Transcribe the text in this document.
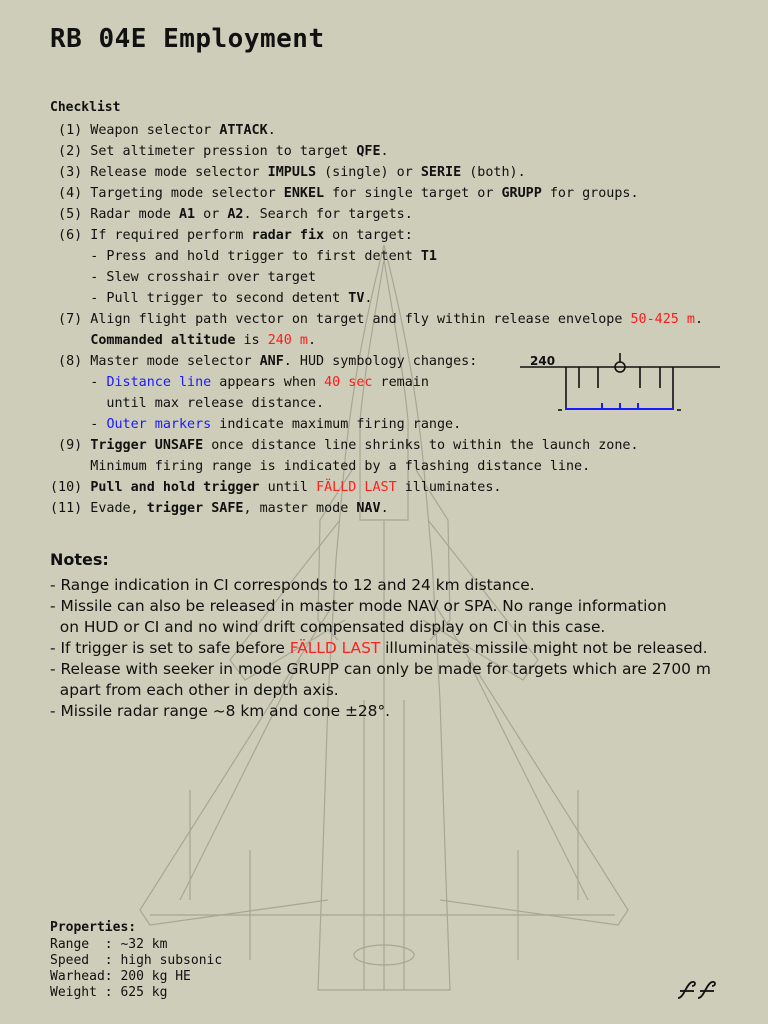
RB 04E Employment
Checklist
(1) Weapon selector ATTACK.
(2) Set altimeter pression to target QFE.
(3) Release mode selector IMPULS (single) or SERIE (both).
(4) Targeting mode selector ENKEL for single target or GRUPP for groups.
(5) Radar mode A1 or A2. Search for targets.
(6) If required perform radar fix on target:
- Press and hold trigger to first detent T1
- Slew crosshair over target
- Pull trigger to second detent TV.
(7) Align flight path vector on target and fly within release envelope 50-425 m.
Commanded altitude is 240 m.
(8) Master mode selector ANF. HUD symbology changes:
- Distance line appears when 40 sec remain
until max release distance.
- Outer markers indicate maximum firing range.
(9) Trigger UNSAFE once distance line shrinks to within the launch zone.
Minimum firing range is indicated by a flashing distance line.
(10) Pull and hold trigger until FÄLLD LAST illuminates.
(11) Evade, trigger SAFE, master mode NAV.
240
Notes:
- Range indication in CI corresponds to 12 and 24 km distance.
- Missile can also be released in master mode NAV or SPA. No range information
on HUD or CI and no wind drift compensated display on CI in this case.
- If trigger is set to safe before FÄLLD LAST illuminates missile might not be released.
- Release with seeker in mode GRUPP can only be made for targets which are 2700 m
apart from each other in depth axis.
- Missile radar range ~8 km and cone ±28°.
Properties:
Range  : ~32 km
Speed  : high subsonic
Warhead: 200 kg HE
Weight : 625 kg
